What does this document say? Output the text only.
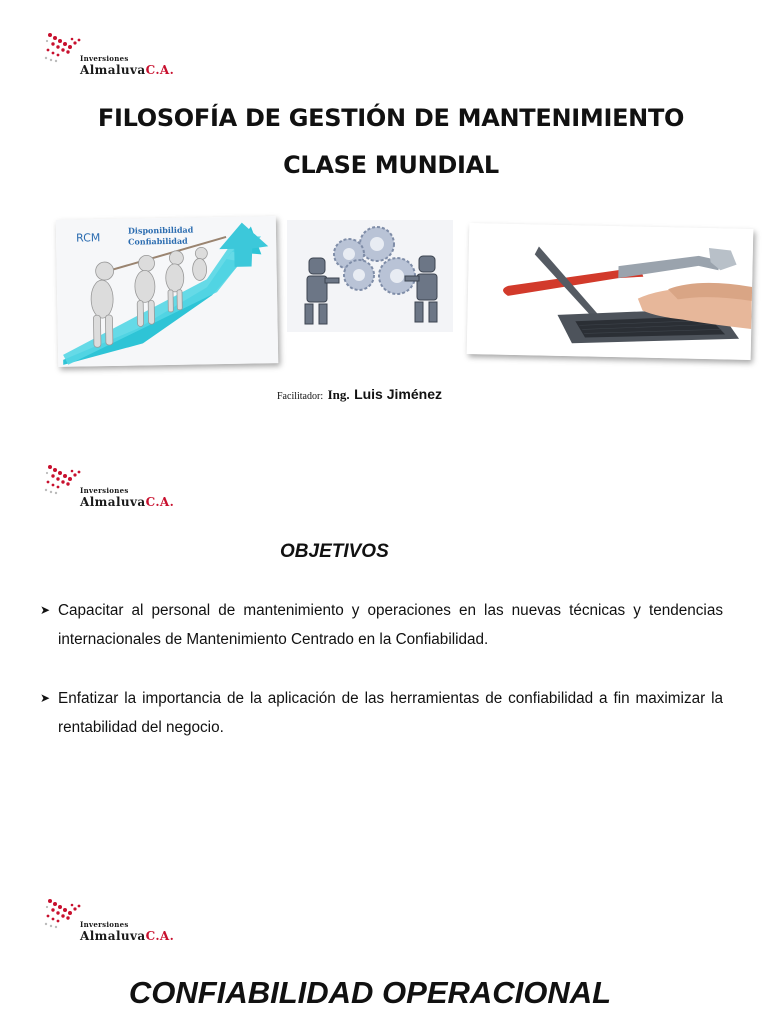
Inversiones
AlmaluvaC.A.
FILOSOFÍA DE GESTIÓN DE MANTENIMIENTO
CLASE MUNDIAL
RCM
Disponibilidad
Confiabilidad
Facilitador: Ing. Luis Jiménez
Inversiones
AlmaluvaC.A.
OBJETIVOS
➤ Capacitar al personal de mantenimiento y operaciones en las nuevas técnicas y tendencias internacionales de Mantenimiento Centrado en la Confiabilidad.
➤ Enfatizar la importancia de la aplicación de las herramientas de confiabilidad a fin maximizar la rentabilidad del negocio.
Inversiones
AlmaluvaC.A.
CONFIABILIDAD OPERACIONAL
